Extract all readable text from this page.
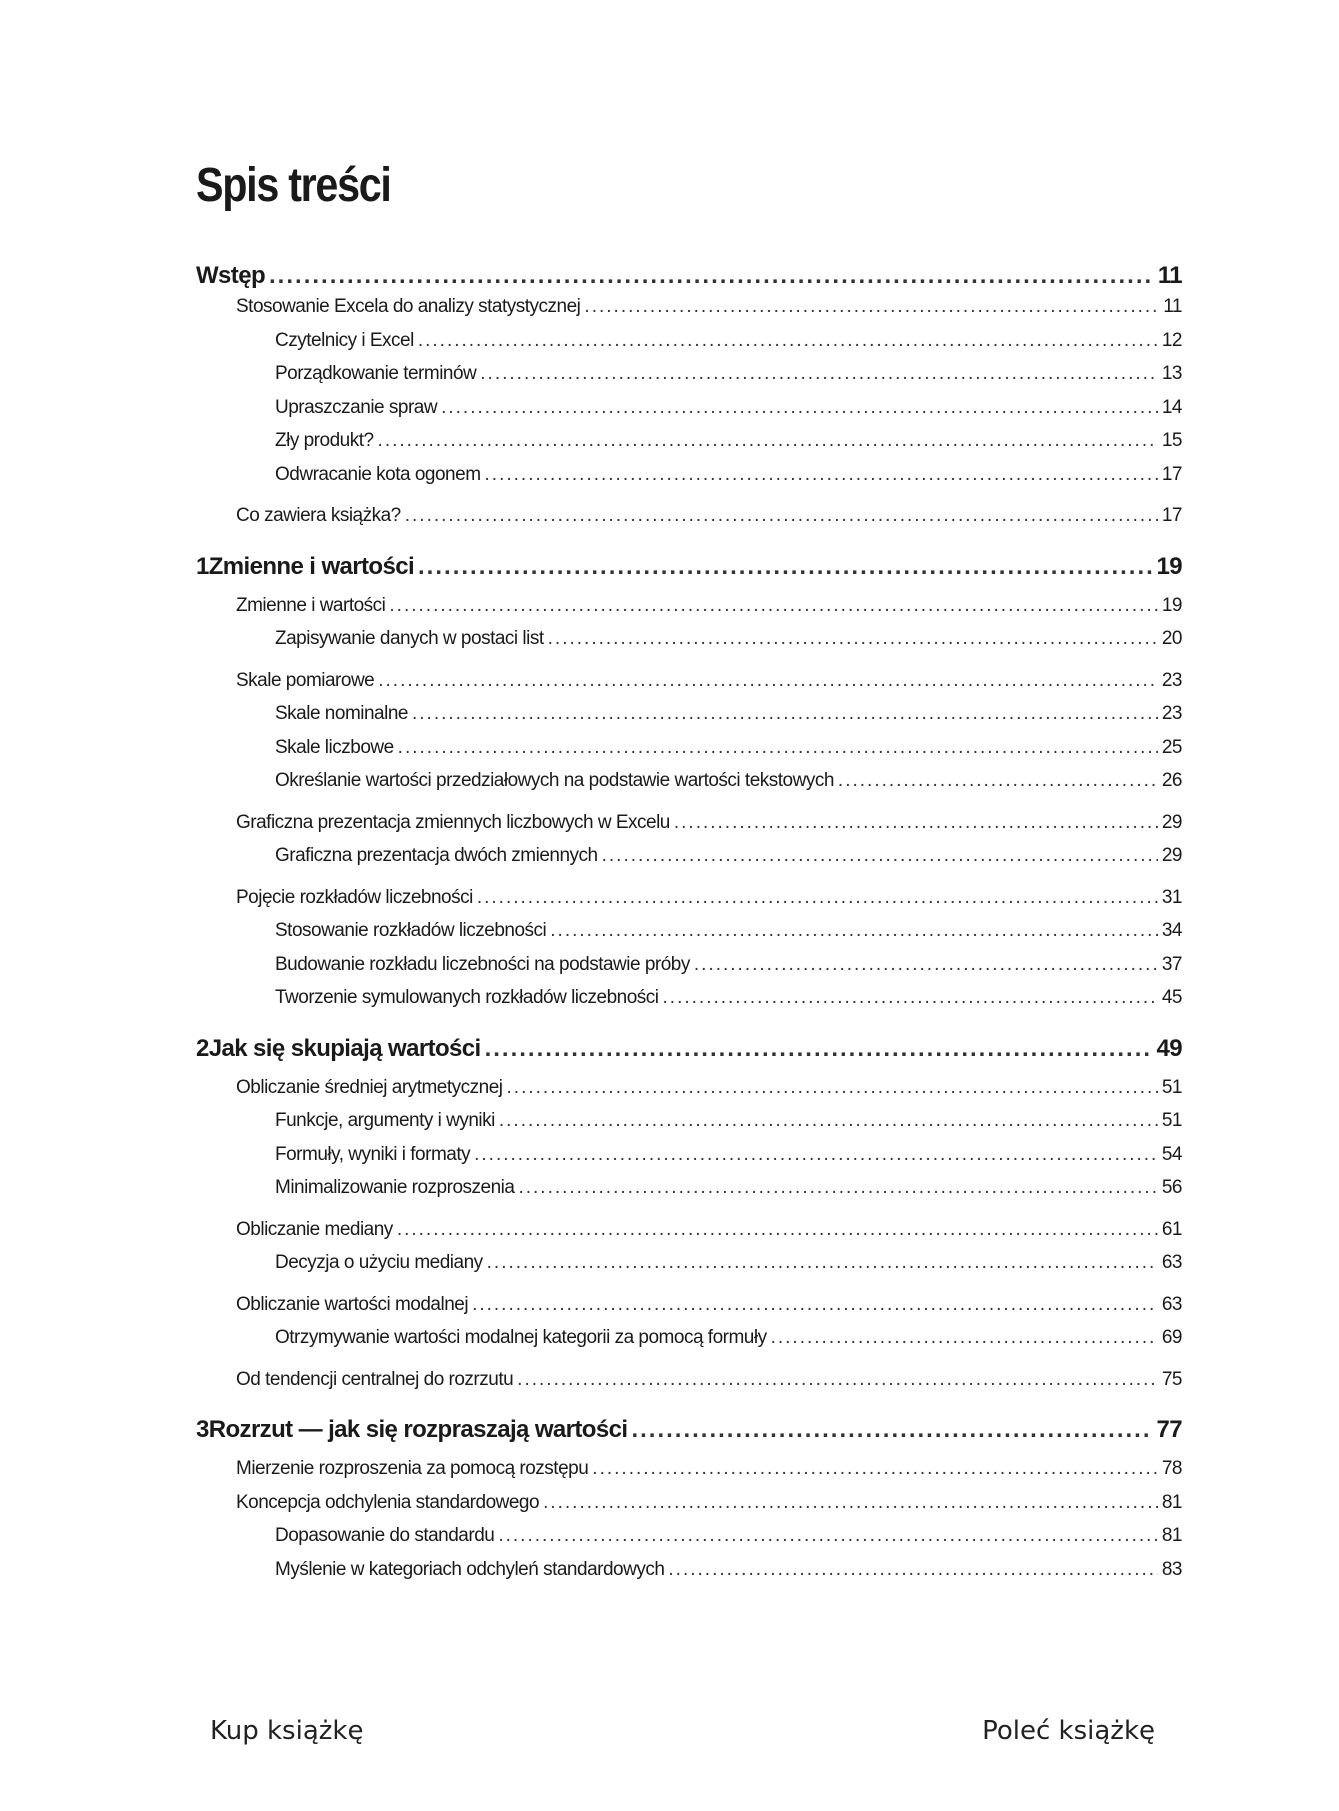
Spis treści
Wstęp .....	11
Stosowanie Excela do analizy statystycznej .....	11
Czytelnicy i Excel .....	12
Porządkowanie terminów .....	13
Upraszczanie spraw .....	14
Zły produkt? .....	15
Odwracanie kota ogonem .....	17
Co zawiera książka? .....	17
1 Zmienne i wartości .....	19
Zmienne i wartości .....	19
Zapisywanie danych w postaci list .....	20
Skale pomiarowe .....	23
Skale nominalne .....	23
Skale liczbowe .....	25
Określanie wartości przedziałowych na podstawie wartości tekstowych .....	26
Graficzna prezentacja zmiennych liczbowych w Excelu .....	29
Graficzna prezentacja dwóch zmiennych .....	29
Pojęcie rozkładów liczebności .....	31
Stosowanie rozkładów liczebności .....	34
Budowanie rozkładu liczebności na podstawie próby .....	37
Tworzenie symulowanych rozkładów liczebności .....	45
2 Jak się skupiają wartości .....	49
Obliczanie średniej arytmetycznej .....	51
Funkcje, argumenty i wyniki .....	51
Formuły, wyniki i formaty .....	54
Minimalizowanie rozproszenia .....	56
Obliczanie mediany .....	61
Decyzja o użyciu mediany .....	63
Obliczanie wartości modalnej .....	63
Otrzymywanie wartości modalnej kategorii za pomocą formuły .....	69
Od tendencji centralnej do rozrzutu .....	75
3 Rozrzut — jak się rozpraszają wartości .....	77
Mierzenie rozproszenia za pomocą rozstępu .....	78
Koncepcja odchylenia standardowego .....	81
Dopasowanie do standardu .....	81
Myślenie w kategoriach odchyleń standardowych .....	83
Kup książkę	Poleć książkę
